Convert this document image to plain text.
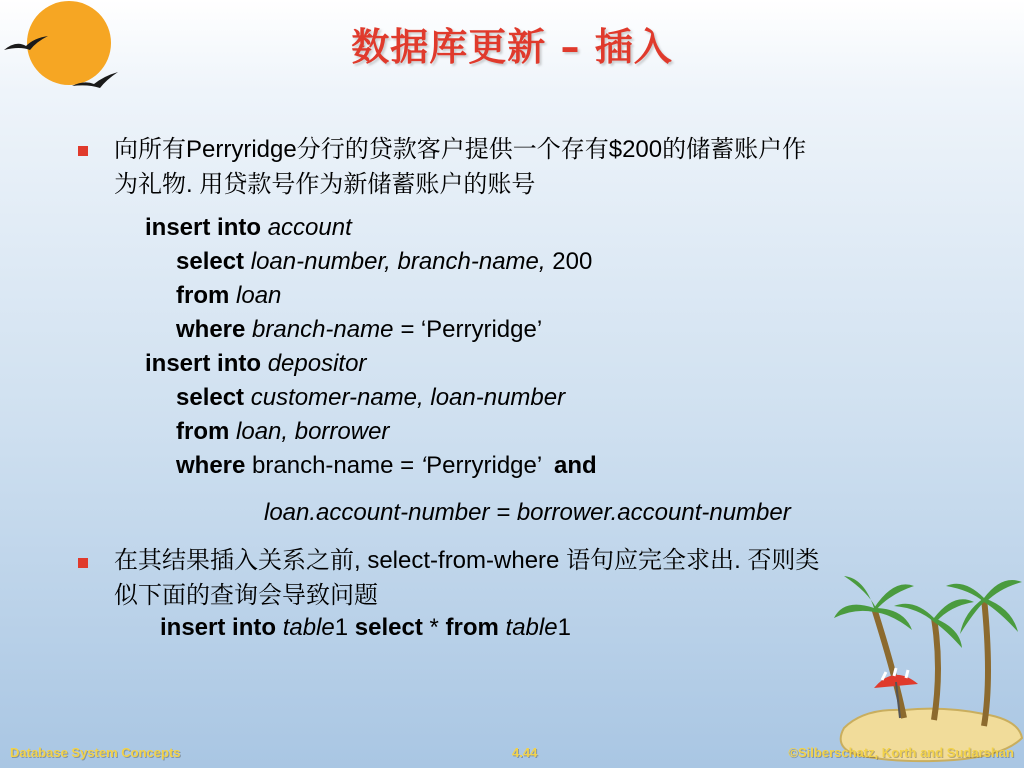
数据库更新 – 插入
向所有Perryridge分行的贷款客户提供一个存有$200的储蓄账户作
为礼物. 用贷款号作为新储蓄账户的账号
insert into account
select loan-number, branch-name, 200
from loan
where branch-name = ‘Perryridge’
insert into depositor
select customer-name, loan-number
from loan, borrower
where branch-name = ‘Perryridge’ and
loan.account-number = borrower.account-number
在其结果插入关系之前, select-from-where 语句应完全求出. 否则类
似下面的查询会导致问题
insert into table1 select * from table1
Database System Concepts	4.44	©Silberschatz, Korth and Sudarshan
